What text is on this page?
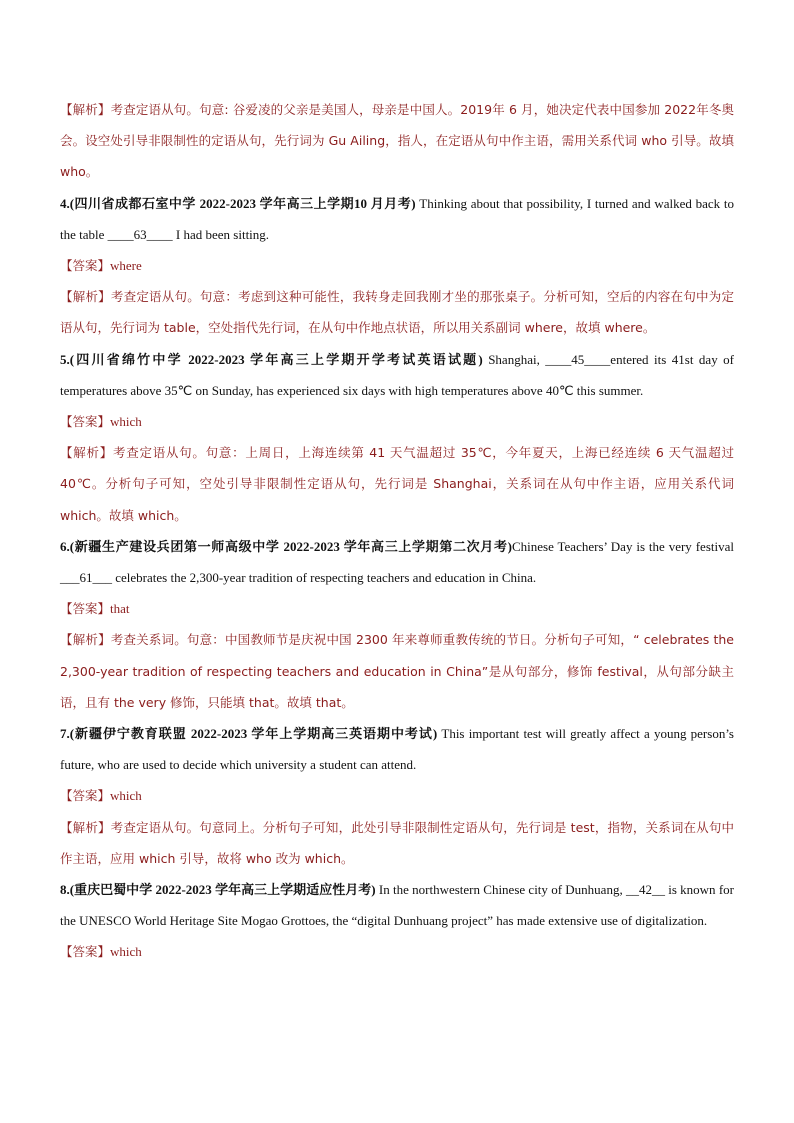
【解析】考查定语从句。句意: 谷爱凌的父亲是美国人，母亲是中国人。2019年 6 月，她决定代表中国参加 2022年冬奥会。设空处引导非限制性的定语从句，先行词为 Gu Ailing，指人，在定语从句中作主语，需用关系代词 who 引导。故填 who。

4.(四川省成都石室中学 2022-2023 学年高三上学期10 月月考) Thinking about that possibility, I turned and walked back to the table ____63____ I had been sitting.

【答案】where

【解析】考查定语从句。句意：考虑到这种可能性，我转身走回我刚才坐的那张桌子。分析可知，空后的内容在句中为定语从句，先行词为 table，空处指代先行词，在从句中作地点状语，所以用关系副词 where，故填 where。

5.(四川省绵竹中学 2022-2023 学年高三上学期开学考试英语试题) Shanghai, ____45____entered its 41st day of temperatures above 35℃ on Sunday, has experienced six days with high temperatures above 40℃ this summer.

【答案】which

【解析】考查定语从句。句意：上周日，上海连续第 41 天气温超过 35℃，今年夏天，上海已经连续 6 天气温超过 40℃。分析句子可知，空处引导非限制性定语从句，先行词是 Shanghai，关系词在从句中作主语，应用关系代词 which。故填 which。

6.(新疆生产建设兵团第一师高级中学 2022-2023 学年高三上学期第二次月考)Chinese Teachers’ Day is the very festival ___61___ celebrates the 2,300-year tradition of respecting teachers and education in China.

【答案】that

【解析】考查关系词。句意：中国教师节是庆祝中国 2300 年来尊师重教传统的节日。分析句子可知，“ celebrates the 2,300-year tradition of respecting teachers and education in China”是从句部分，修饰 festival，从句部分缺主语，且有 the very 修饰，只能填 that。故填 that。

7.(新疆伊宁教育联盟 2022-2023 学年上学期高三英语期中考试) This important test will greatly affect a young person’s future, who are used to decide which university a student can attend.

【答案】which

【解析】考查定语从句。句意同上。分析句子可知，此处引导非限制性定语从句，先行词是 test，指物，关系词在从句中作主语，应用 which 引导，故将 who 改为 which。

8.(重庆巴蜀中学 2022-2023 学年高三上学期适应性月考) In the northwestern Chinese city of Dunhuang, __42__ is known for the UNESCO World Heritage Site Mogao Grottoes, the “digital Dunhuang project” has made extensive use of digitalization.

【答案】which
